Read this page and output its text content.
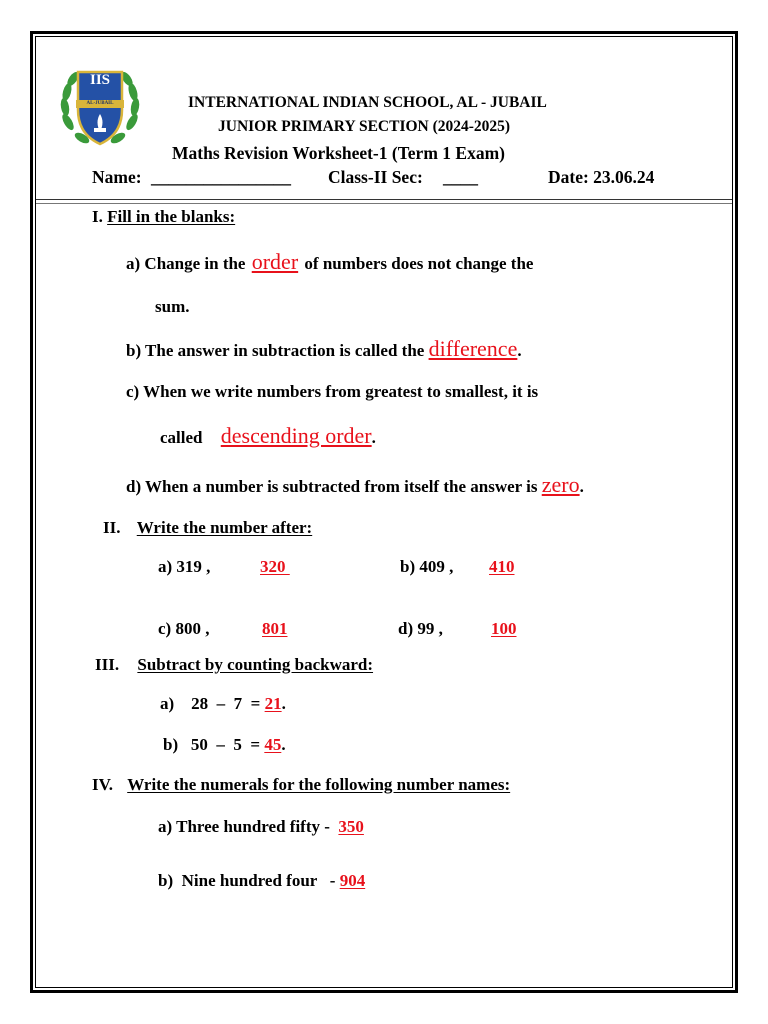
IIS
AL-JUBAIL	INTERNATIONAL INDIAN SCHOOL, AL - JUBAIL
JUNIOR PRIMARY SECTION (2024-2025)
Maths Revision Worksheet-1 (Term 1 Exam)
Name: ________________ Class-II Sec: ____	Date: 23.06.24
I. Fill in the blanks:
a) Change in the order of numbers does not change the
sum.
b) The answer in subtraction is called the difference.
c) When we write numbers from greatest to smallest, it is
called descending order.
d) When a number is subtracted from itself the answer is zero.
II. Write the number after:
a) 319 ,	320	b) 409 , 410
c) 800 ,	801	d) 99 ,	100
III. Subtract by counting backward:
a)    28  –  7  = 21.
b)   50  –  5  = 45.
IV. Write the numerals for the following number names:
a) Three hundred fifty - 350
b)  Nine hundred four   - 904
